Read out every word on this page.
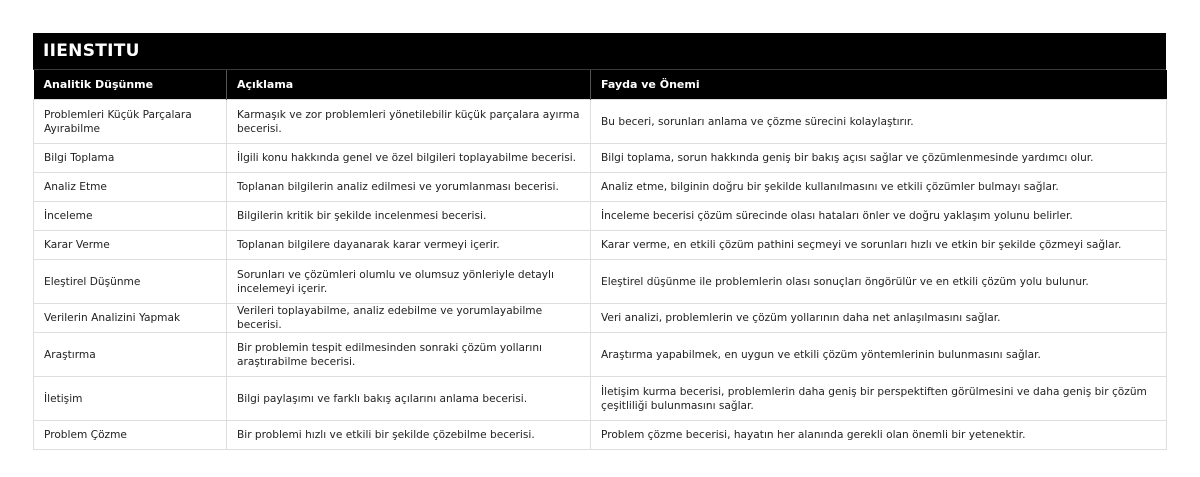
IIENSTITU
Analitik Düşünme	Açıklama	Fayda ve Önemi
Problemleri Küçük Parçalara Ayırabilme	Karmaşık ve zor problemleri yönetilebilir küçük parçalara ayırma becerisi.	Bu beceri, sorunları anlama ve çözme sürecini kolaylaştırır.
Bilgi Toplama	İlgili konu hakkında genel ve özel bilgileri toplayabilme becerisi.	Bilgi toplama, sorun hakkında geniş bir bakış açısı sağlar ve çözümlenmesinde yardımcı olur.
Analiz Etme	Toplanan bilgilerin analiz edilmesi ve yorumlanması becerisi.	Analiz etme, bilginin doğru bir şekilde kullanılmasını ve etkili çözümler bulmayı sağlar.
İnceleme	Bilgilerin kritik bir şekilde incelenmesi becerisi.	İnceleme becerisi çözüm sürecinde olası hataları önler ve doğru yaklaşım yolunu belirler.
Karar Verme	Toplanan bilgilere dayanarak karar vermeyi içerir.	Karar verme, en etkili çözüm pathini seçmeyi ve sorunları hızlı ve etkin bir şekilde çözmeyi sağlar.
Eleştirel Düşünme	Sorunları ve çözümleri olumlu ve olumsuz yönleriyle detaylı incelemeyi içerir.	Eleştirel düşünme ile problemlerin olası sonuçları öngörülür ve en etkili çözüm yolu bulunur.
Verilerin Analizini Yapmak	Verileri toplayabilme, analiz edebilme ve yorumlayabilme becerisi.	Veri analizi, problemlerin ve çözüm yollarının daha net anlaşılmasını sağlar.
Araştırma	Bir problemin tespit edilmesinden sonraki çözüm yollarını araştırabilme becerisi.	Araştırma yapabilmek, en uygun ve etkili çözüm yöntemlerinin bulunmasını sağlar.
İletişim	Bilgi paylaşımı ve farklı bakış açılarını anlama becerisi.	İletişim kurma becerisi, problemlerin daha geniş bir perspektiften görülmesini ve daha geniş bir çözüm çeşitliliği bulunmasını sağlar.
Problem Çözme	Bir problemi hızlı ve etkili bir şekilde çözebilme becerisi.	Problem çözme becerisi, hayatın her alanında gerekli olan önemli bir yetenektir.
